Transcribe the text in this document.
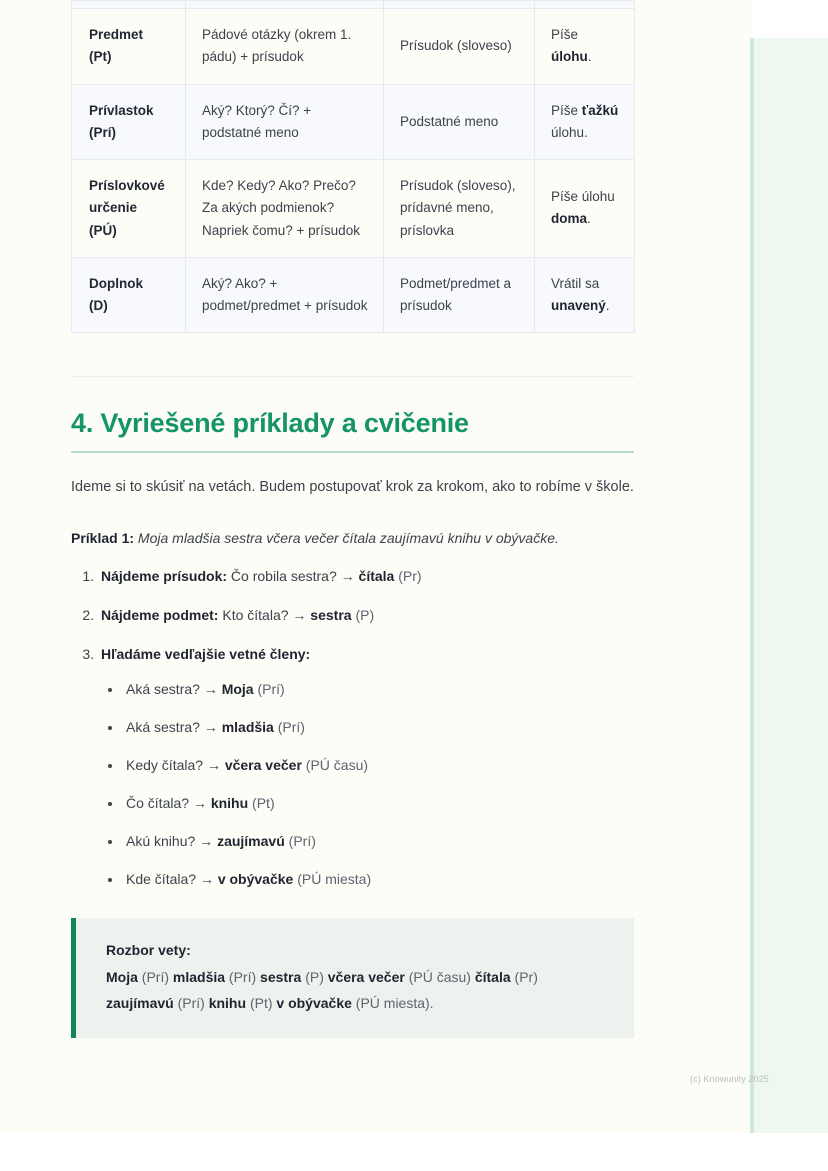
(c) Knowunity 2025

Predmet
(Pt)	Pádové otázky (okrem 1. pádu) + prísudok	Prísudok (sloveso)	Píše úlohu.
Prívlastok
(Prí)	Aký? Ktorý? Čí? + podstatné meno	Podstatné meno	Píše ťažkú úlohu.
Príslovkové určenie
(PÚ)	Kde? Kedy? Ako? Prečo? Za akých podmienok? Napriek čomu? + prísudok	Prísudok (sloveso), prídavné meno, príslovka	Píše úlohu doma.
Doplnok
(D)	Aký? Ako? + podmet/predmet + prísudok	Podmet/predmet a prísudok	Vrátil sa unavený.
4. Vyriešené príklady a cvičenie

Ideme si to skúsiť na vetách. Budem postupovať krok za krokom, ako to robíme v škole.

Príklad 1: Moja mladšia sestra včera večer čítala zaujímavú knihu v obývačke.

1. Nájdeme prísudok: Čo robila sestra? → čítala (Pr)
2. Nájdeme podmet: Kto čítala? → sestra (P)
3. Hľadáme vedľajšie vetné členy:
• Aká sestra? → Moja (Prí)
• Aká sestra? → mladšia (Prí)
• Kedy čítala? → včera večer (PÚ času)
• Čo čítala? → knihu (Pt)
• Akú knihu? → zaujímavú (Prí)
• Kde čítala? → v obývačke (PÚ miesta)
Rozbor vety:
Moja (Prí) mladšia (Prí) sestra (P) včera večer (PÚ času) čítala (Pr) zaujímavú (Prí) knihu (Pt) v obývačke (PÚ miesta).
